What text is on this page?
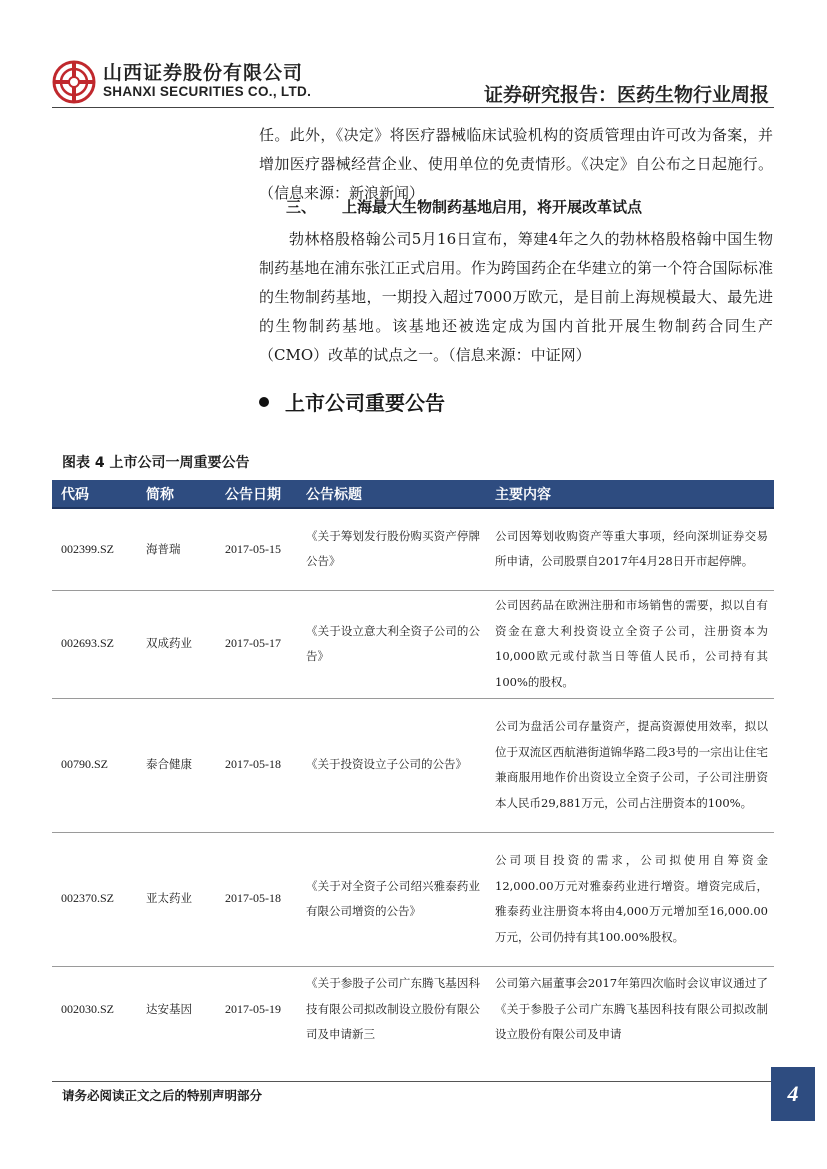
山西证券股份有限公司
SHANXI SECURITIES CO., LTD.	证券研究报告：医药生物行业周报
任。此外，《决定》将医疗器械临床试验机构的资质管理由许可改为备案，并增加医疗器械经营企业、使用单位的免责情形。《决定》自公布之日起施行。（信息来源：新浪新闻）
三、 上海最大生物制药基地启用，将开展改革试点
勃林格殷格翰公司5月16日宣布，筹建4年之久的勃林格殷格翰中国生物制药基地在浦东张江正式启用。作为跨国药企在华建立的第一个符合国际标准的生物制药基地，一期投入超过7000万欧元，是目前上海规模最大、最先进的生物制药基地。该基地还被选定成为国内首批开展生物制药合同生产（CMO）改革的试点之一。（信息来源：中证网）
上市公司重要公告
图表 4 上市公司一周重要公告
代码	简称	公告日期	公告标题	主要内容
002399.SZ	海普瑞	2017-05-15	《关于筹划发行股份购买资产停牌公告》	公司因筹划收购资产等重大事项，经向深圳证券交易所申请，公司股票自2017年4月28日开市起停牌。
002693.SZ	双成药业	2017-05-17	《关于设立意大利全资子公司的公告》	公司因药品在欧洲注册和市场销售的需要，拟以自有资金在意大利投资设立全资子公司，注册资本为10,000欧元或付款当日等值人民币，公司持有其100%的股权。
00790.SZ	泰合健康	2017-05-18	《关于投资设立子公司的公告》	公司为盘活公司存量资产，提高资源使用效率，拟以位于双流区西航港街道锦华路二段3号的一宗出让住宅兼商服用地作价出资设立全资子公司，子公司注册资本人民币29,881万元，公司占注册资本的100%。
002370.SZ	亚太药业	2017-05-18	《关于对全资子公司绍兴雅泰药业有限公司增资的公告》	公司项目投资的需求，公司拟使用自筹资金12,000.00万元对雅泰药业进行增资。增资完成后，雅泰药业注册资本将由4,000万元增加至16,000.00万元，公司仍持有其100.00%股权。
002030.SZ	达安基因	2017-05-19	《关于参股子公司广东腾飞基因科技有限公司拟改制设立股份有限公司及申请新三	公司第六届董事会2017年第四次临时会议审议通过了《关于参股子公司广东腾飞基因科技有限公司拟改制设立股份有限公司及申请
请务必阅读正文之后的特别声明部分	4
